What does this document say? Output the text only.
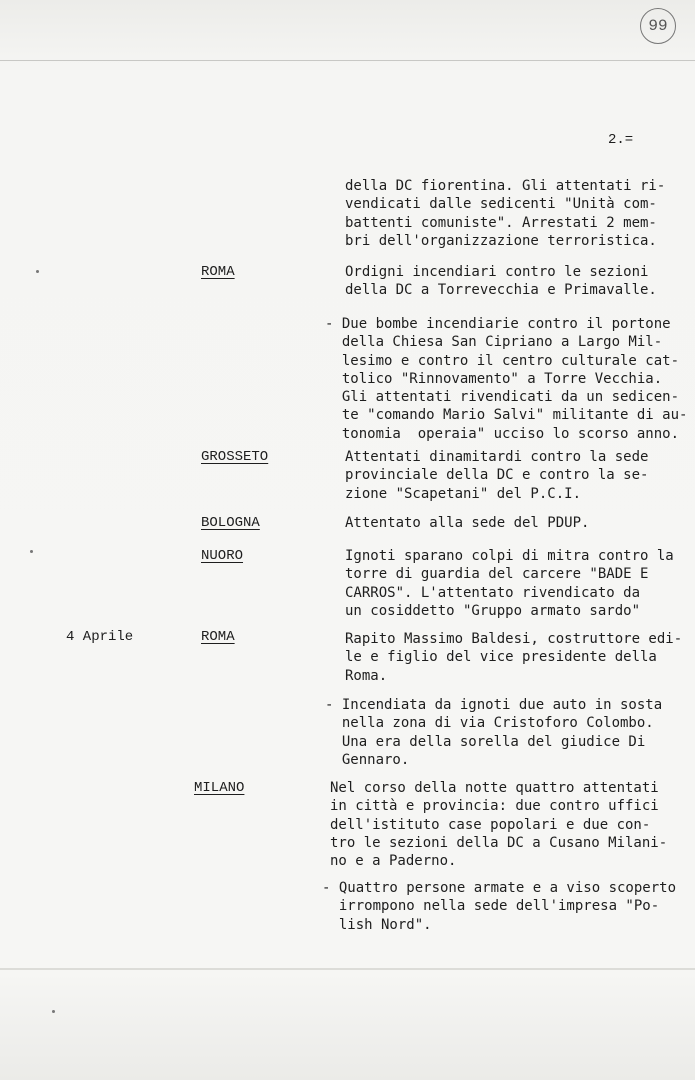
99
2.=
della DC fiorentina. Gli attentati ri-
vendicati dalle sedicenti "Unità com-
battenti comuniste". Arrestati 2 mem-
bri dell'organizzazione terroristica.
ROMA	Ordigni incendiari contro le sezioni
della DC a Torrevecchia e Primavalle.
- Due bombe incendiarie contro il portone
della Chiesa San Cipriano a Largo Mil-
lesimo e contro il centro culturale cat-
tolico "Rinnovamento" a Torre Vecchia.
Gli attentati rivendicati da un sedicen-
te "comando Mario Salvi" militante di au-
tonomia  operaia" ucciso lo scorso anno.
GROSSETO	Attentati dinamitardi contro la sede
provinciale della DC e contro la se-
zione "Scapetani" del P.C.I.
BOLOGNA	Attentato alla sede del PDUP.
NUORO	Ignoti sparano colpi di mitra contro la
torre di guardia del carcere "BADE E
CARROS". L'attentato rivendicato da
un cosiddetto "Gruppo armato sardo"
4 Aprile	ROMA	Rapito Massimo Baldesi, costruttore edi-
le e figlio del vice presidente della
Roma.
- Incendiata da ignoti due auto in sosta
nella zona di via Cristoforo Colombo.
Una era della sorella del giudice Di
Gennaro.
MILANO	Nel corso della notte quattro attentati
in città e provincia: due contro uffici
dell'istituto case popolari e due con-
tro le sezioni della DC a Cusano Milani-
no e a Paderno.
- Quattro persone armate e a viso scoperto
irrompono nella sede dell'impresa "Po-
lish Nord".
